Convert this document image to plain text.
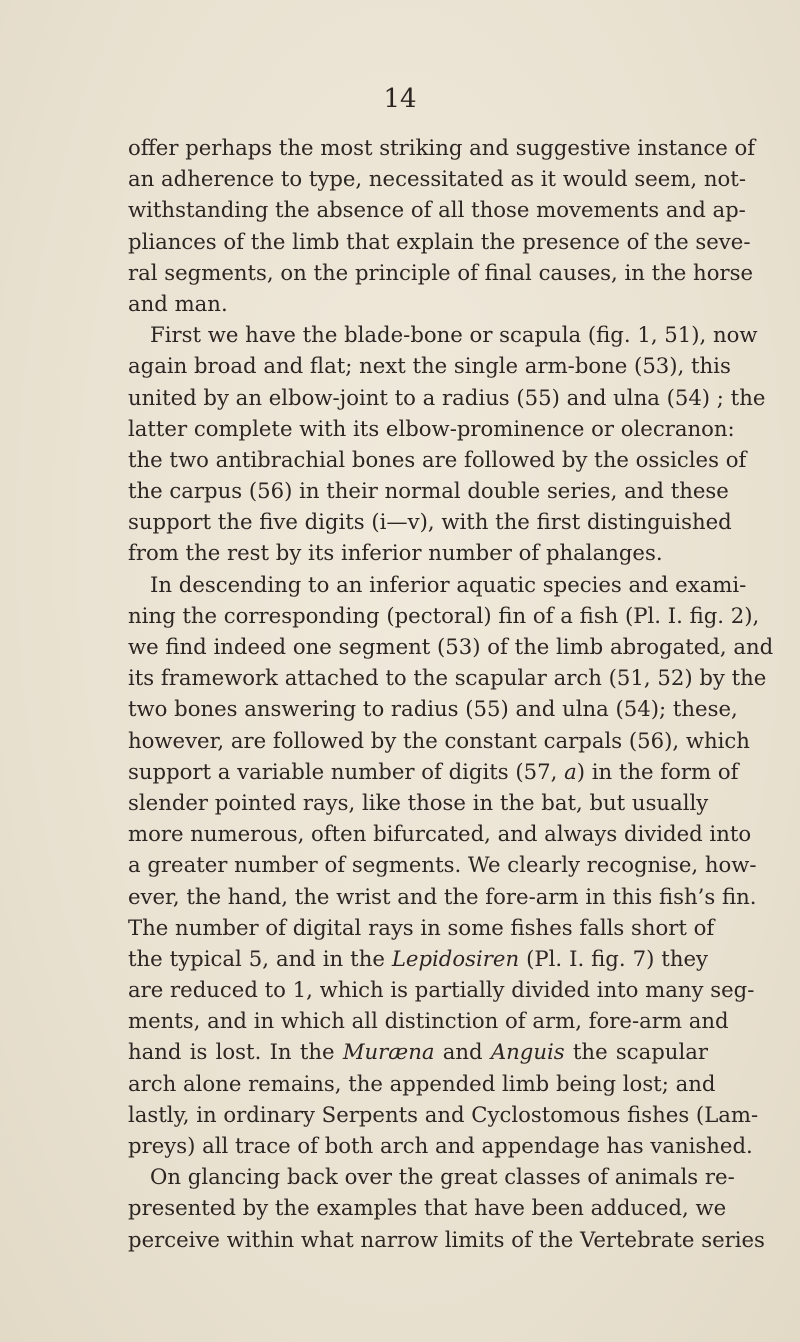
14
offer perhaps the most striking and suggestive instance of
an adherence to type, necessitated as it would seem, not-
withstanding the absence of all those movements and ap-
pliances of the limb that explain the presence of the seve-
ral segments, on the principle of final causes, in the horse
and man.
First we have the blade-bone or scapula (fig. 1, 51), now
again broad and flat; next the single arm-bone (53), this
united by an elbow-joint to a radius (55) and ulna (54) ; the
latter complete with its elbow-prominence or olecranon:
the two antibrachial bones are followed by the ossicles of
the carpus (56) in their normal double series, and these
support the five digits (i—v), with the first distinguished
from the rest by its inferior number of phalanges.
In descending to an inferior aquatic species and exami-
ning the corresponding (pectoral) fin of a fish (Pl. I. fig. 2),
we find indeed one segment (53) of the limb abrogated, and
its framework attached to the scapular arch (51, 52) by the
two bones answering to radius (55) and ulna (54); these,
however, are followed by the constant carpals (56), which
support a variable number of digits (57, a) in the form of
slender pointed rays, like those in the bat, but usually
more numerous, often bifurcated, and always divided into
a greater number of segments. We clearly recognise, how-
ever, the hand, the wrist and the fore-arm in this fish’s fin.
The number of digital rays in some fishes falls short of
the typical 5, and in the Lepidosiren (Pl. I. fig. 7) they
are reduced to 1, which is partially divided into many seg-
ments, and in which all distinction of arm, fore-arm and
hand is lost. In the Muræna and Anguis the scapular
arch alone remains, the appended limb being lost; and
lastly, in ordinary Serpents and Cyclostomous fishes (Lam-
preys) all trace of both arch and appendage has vanished.
On glancing back over the great classes of animals re-
presented by the examples that have been adduced, we
perceive within what narrow limits of the Vertebrate series
